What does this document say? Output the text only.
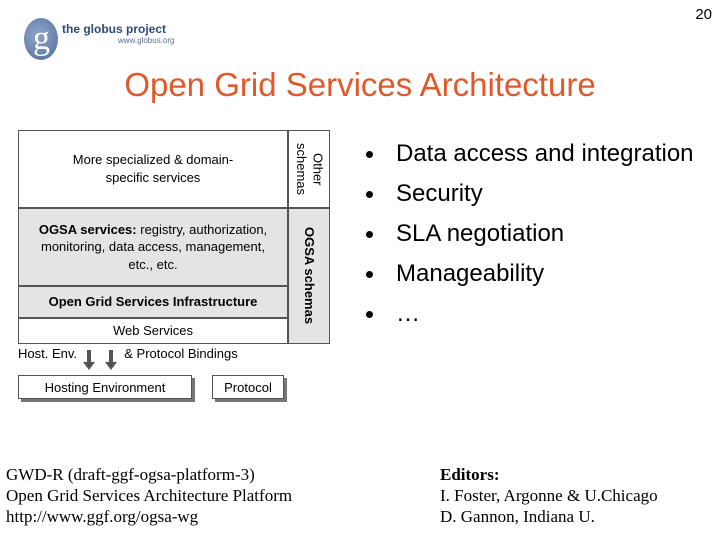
20
g the globus project
www.globus.org
Open Grid Services Architecture
More specialized & domain-specific services
OGSA services: registry, authorization, monitoring, data access, management, etc., etc.
Open Grid Services Infrastructure
Web Services
Other schemas
OGSA schemas
Host. Env.	& Protocol Bindings
Hosting Environment	Protocol
Data access and integration
Security
SLA negotiation
Manageability
…
GWD-R (draft-ggf-ogsa-platform-3)
Open Grid Services Architecture Platform
http://www.ggf.org/ogsa-wg
Editors:
I. Foster, Argonne & U.Chicago
D. Gannon, Indiana U.
